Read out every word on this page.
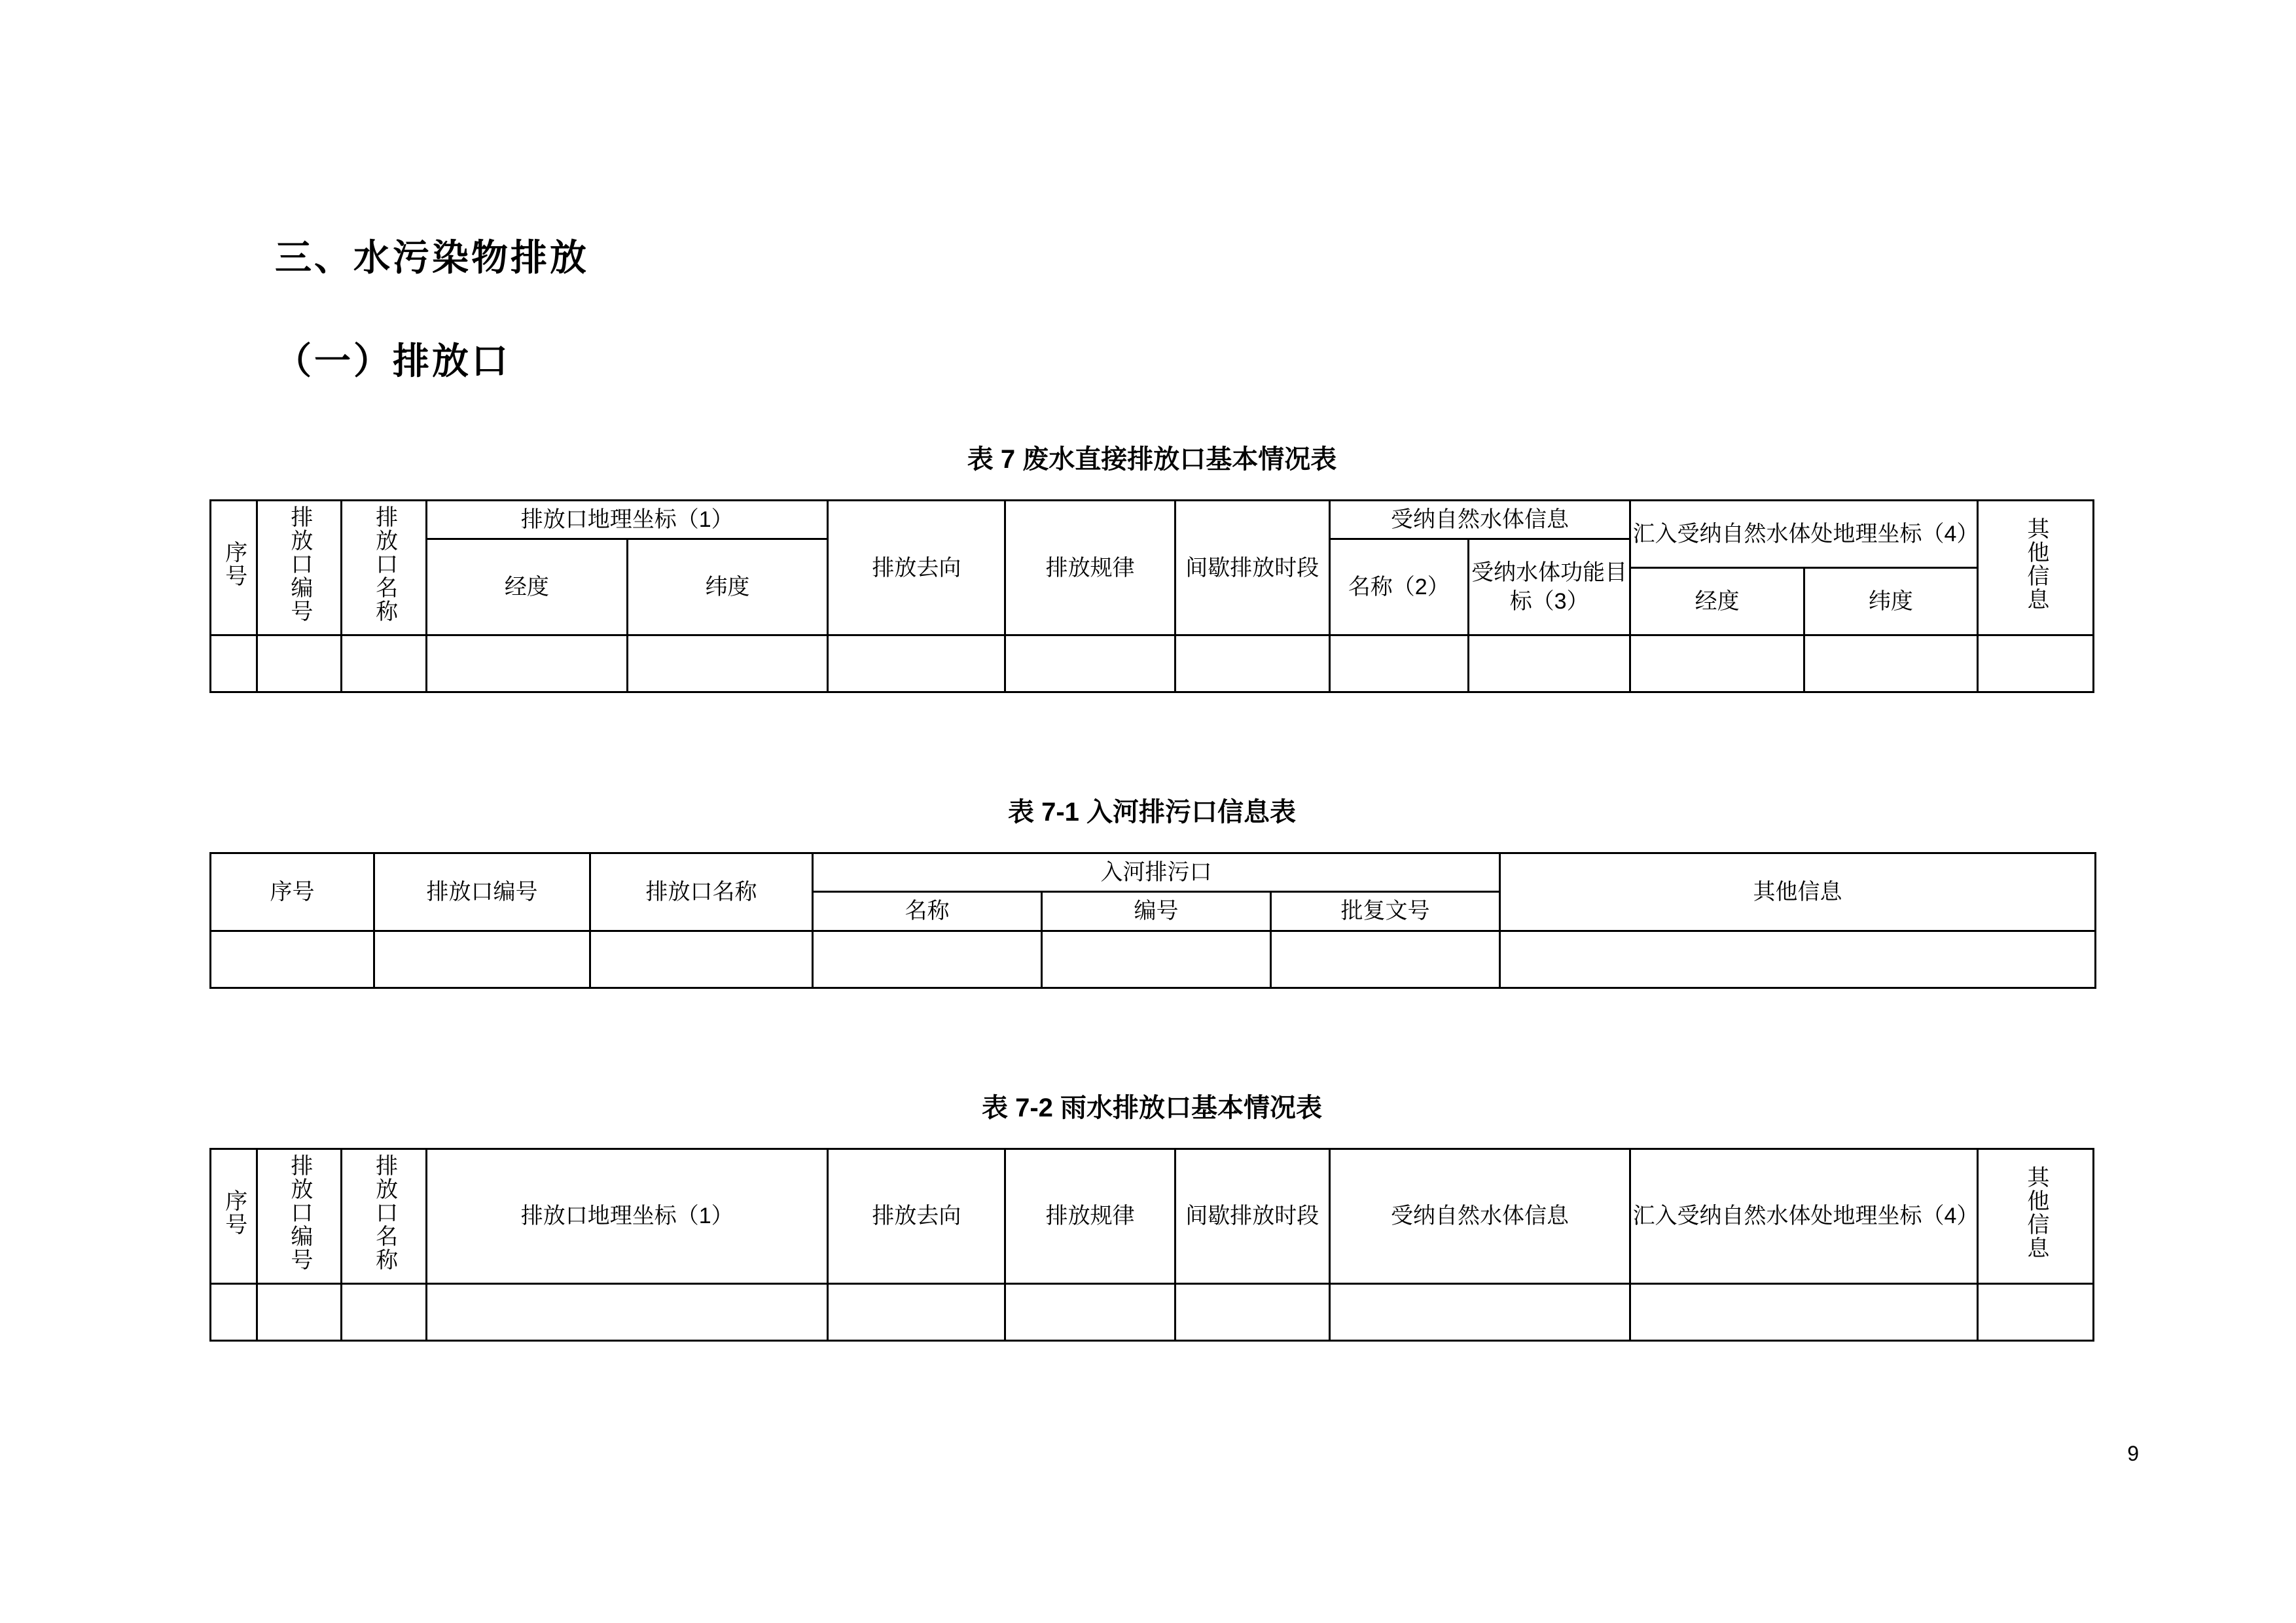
三、水污染物排放
（一）排放口

表 7 废水直接排放口基本情况表

序号	排放口编号	排放口名称	排放口地理坐标（1）		排放去向	排放规律	间歇排放时段	受纳自然水体信息		汇入受纳自然水体处地理坐标（4）		其他信息
			经度	纬度				名称（2）	受纳水体功能目标（3）			
										经度	纬度	

表 7-1 入河排污口信息表

序号	排放口编号	排放口名称	入河排污口			其他信息
			名称	编号	批复文号	

表 7-2 雨水排放口基本情况表

序号	排放口编号	排放口名称	排放口地理坐标（1）	排放去向	排放规律	间歇排放时段	受纳自然水体信息	汇入受纳自然水体处地理坐标（4）	其他信息

9
